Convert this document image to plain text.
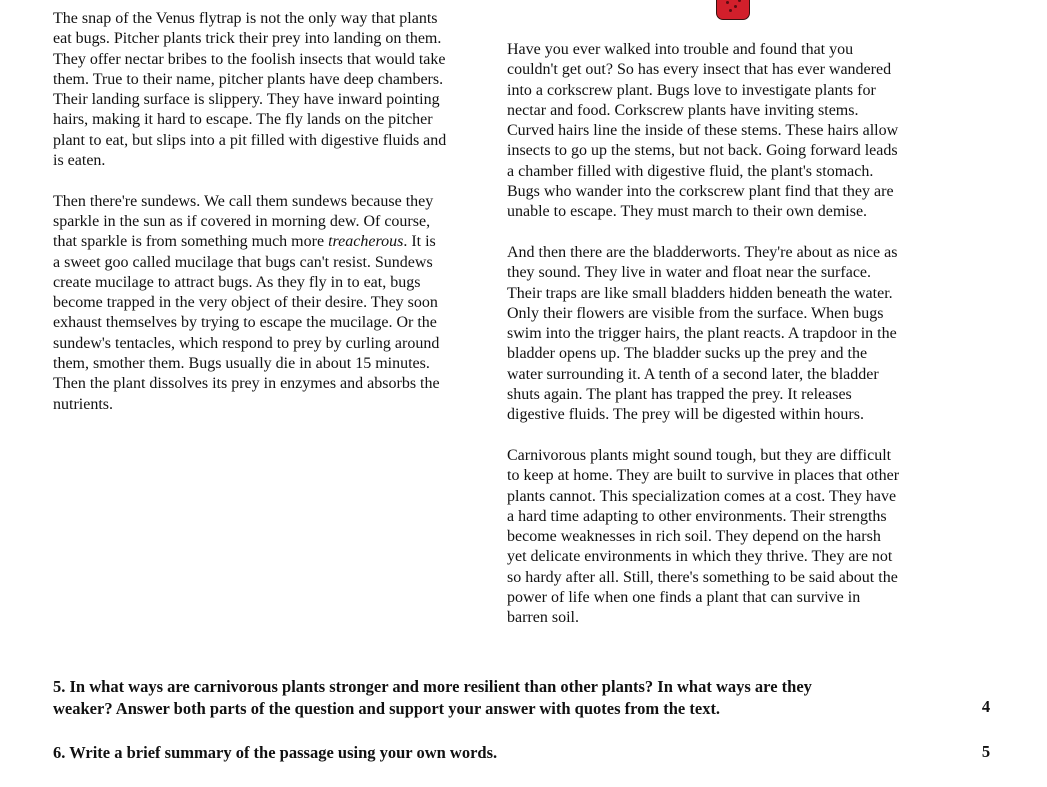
The snap of the Venus flytrap is not the only way that plants
eat bugs. Pitcher plants trick their prey into landing on them.
They offer nectar bribes to the foolish insects that would take
them. True to their name, pitcher plants have deep chambers.
Their landing surface is slippery. They have inward pointing
hairs, making it hard to escape. The fly lands on the pitcher
plant to eat, but slips into a pit filled with digestive fluids and
is eaten.

Then there're sundews. We call them sundews because they
sparkle in the sun as if covered in morning dew. Of course,
that sparkle is from something much more treacherous. It is
a sweet goo called mucilage that bugs can't resist. Sundews
create mucilage to attract bugs. As they fly in to eat, bugs
become trapped in the very object of their desire. They soon
exhaust themselves by trying to escape the mucilage. Or the
sundew's tentacles, which respond to prey by curling around
them, smother them. Bugs usually die in about 15 minutes.
Then the plant dissolves its prey in enzymes and absorbs the
nutrients.

Have you ever walked into trouble and found that you
couldn't get out? So has every insect that has ever wandered
into a corkscrew plant. Bugs love to investigate plants for
nectar and food. Corkscrew plants have inviting stems.
Curved hairs line the inside of these stems. These hairs allow
insects to go up the stems, but not back. Going forward leads
a chamber filled with digestive fluid, the plant's stomach.
Bugs who wander into the corkscrew plant find that they are
unable to escape. They must march to their own demise.

And then there are the bladderworts. They're about as nice as
they sound. They live in water and float near the surface.
Their traps are like small bladders hidden beneath the water.
Only their flowers are visible from the surface. When bugs
swim into the trigger hairs, the plant reacts. A trapdoor in the
bladder opens up. The bladder sucks up the prey and the
water surrounding it. A tenth of a second later, the bladder
shuts again. The plant has trapped the prey. It releases
digestive fluids. The prey will be digested within hours.

Carnivorous plants might sound tough, but they are difficult
to keep at home. They are built to survive in places that other
plants cannot. This specialization comes at a cost. They have
a hard time adapting to other environments. Their strengths
become weaknesses in rich soil. They depend on the harsh
yet delicate environments in which they thrive. They are not
so hardy after all. Still, there's something to be said about the
power of life when one finds a plant that can survive in
barren soil.

5. In what ways are carnivorous plants stronger and more resilient than other plants? In what ways are they
weaker? Answer both parts of the question and support your answer with quotes from the text.	4
6. Write a brief summary of the passage using your own words.	5
